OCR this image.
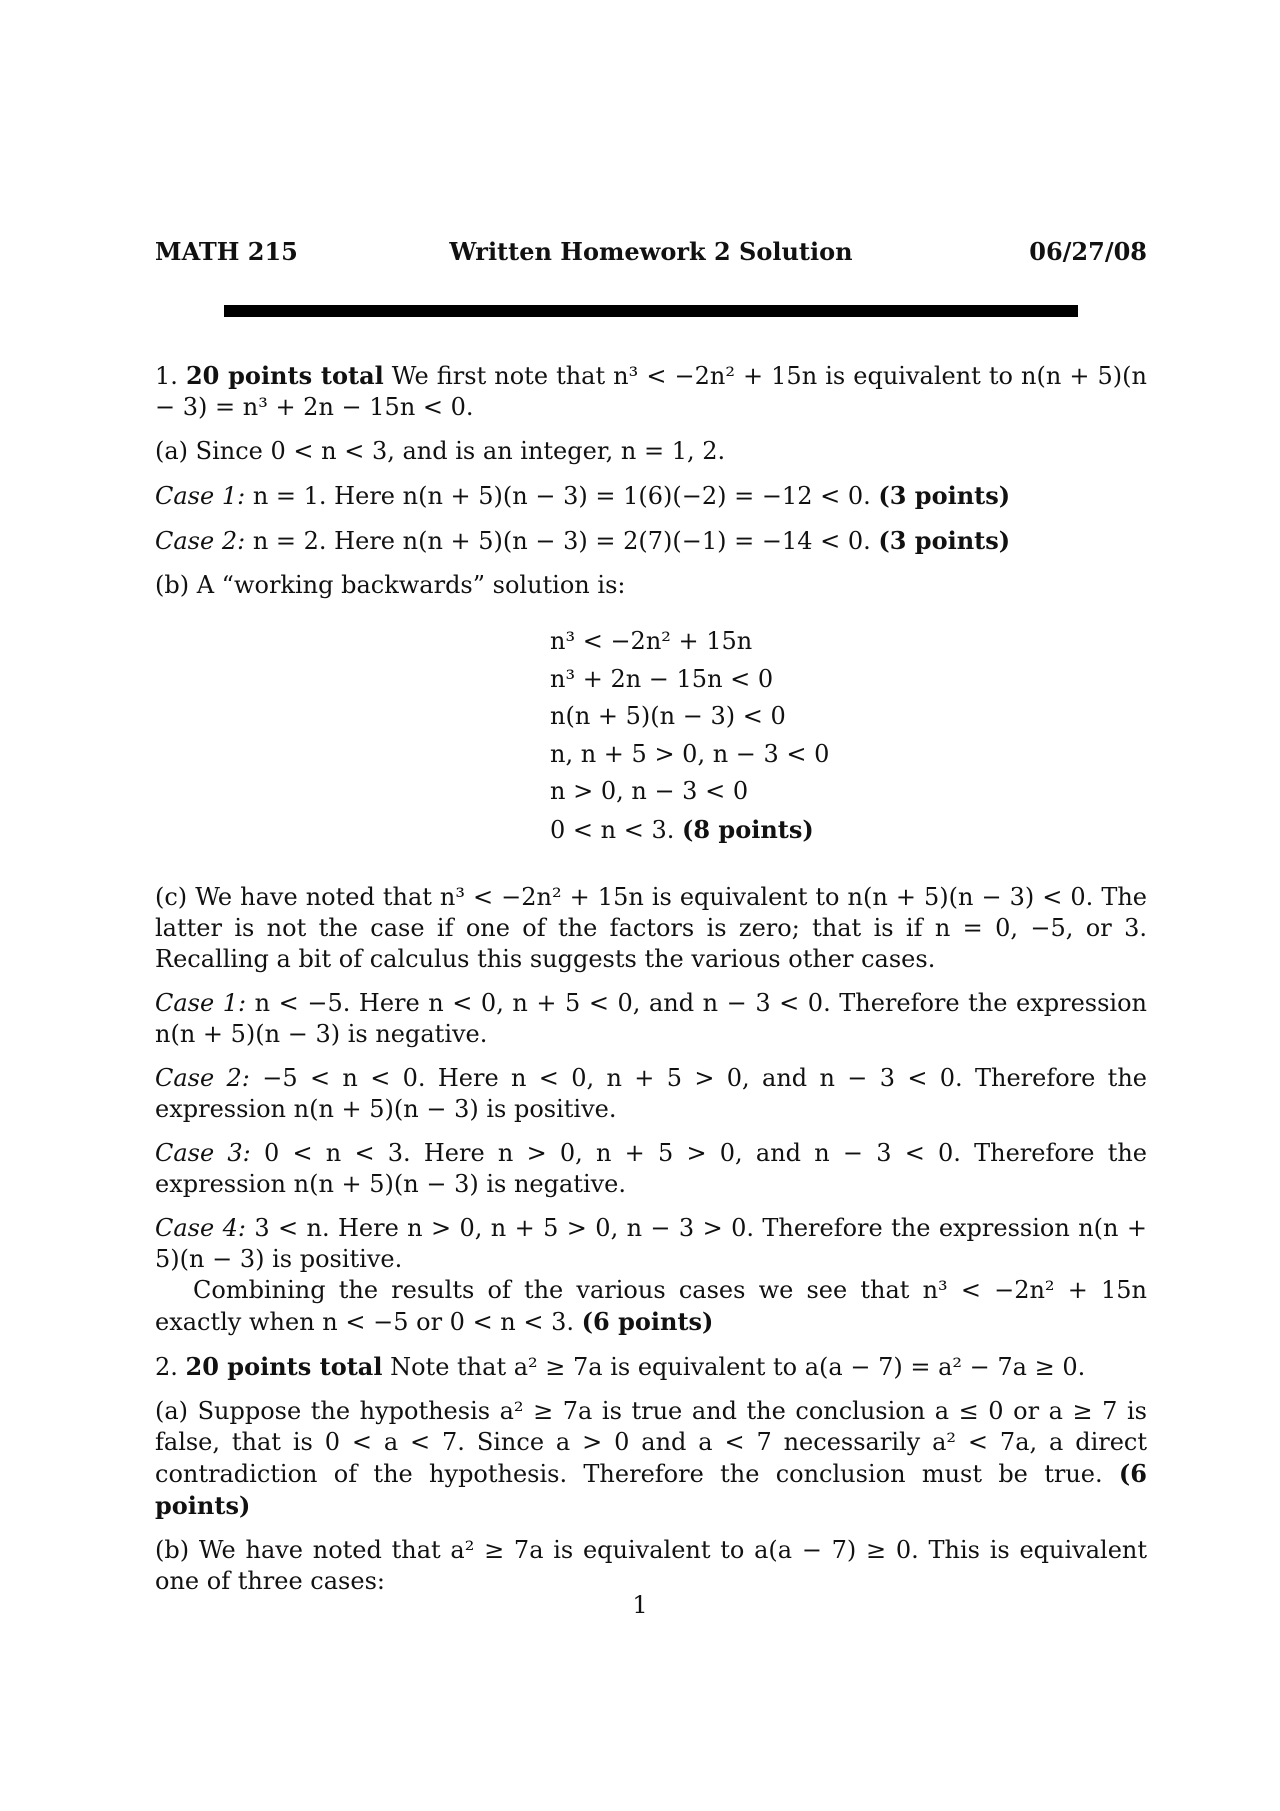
MATH 215	Written Homework 2 Solution	06/27/08

1. 20 points total We first note that n³ < −2n² + 15n is equivalent to n(n + 5)(n − 3) = n³ + 2n − 15n < 0.

(a) Since 0 < n < 3, and is an integer, n = 1, 2.

Case 1: n = 1. Here n(n + 5)(n − 3) = 1(6)(−2) = −12 < 0. (3 points)

Case 2: n = 2. Here n(n + 5)(n − 3) = 2(7)(−1) = −14 < 0. (3 points)

(b) A “working backwards” solution is:

n³ < −2n² + 15n
n³ + 2n − 15n < 0
n(n + 5)(n − 3) < 0
n, n + 5 > 0, n − 3 < 0
n > 0, n − 3 < 0
0 < n < 3. (8 points)

(c) We have noted that n³ < −2n² + 15n is equivalent to n(n + 5)(n − 3) < 0. The latter is not the case if one of the factors is zero; that is if n = 0, −5, or 3. Recalling a bit of calculus this suggests the various other cases.

Case 1: n < −5. Here n < 0, n + 5 < 0, and n − 3 < 0. Therefore the expression n(n + 5)(n − 3) is negative.

Case 2: −5 < n < 0. Here n < 0, n + 5 > 0, and n − 3 < 0. Therefore the expression n(n + 5)(n − 3) is positive.

Case 3: 0 < n < 3. Here n > 0, n + 5 > 0, and n − 3 < 0. Therefore the expression n(n + 5)(n − 3) is negative.

Case 4: 3 < n. Here n > 0, n + 5 > 0, n − 3 > 0. Therefore the expression n(n + 5)(n − 3) is positive.

Combining the results of the various cases we see that n³ < −2n² + 15n exactly when n < −5 or 0 < n < 3. (6 points)

2. 20 points total Note that a² ≥ 7a is equivalent to a(a − 7) = a² − 7a ≥ 0.

(a) Suppose the hypothesis a² ≥ 7a is true and the conclusion a ≤ 0 or a ≥ 7 is false, that is 0 < a < 7. Since a > 0 and a < 7 necessarily a² < 7a, a direct contradiction of the hypothesis. Therefore the conclusion must be true. (6 points)

(b) We have noted that a² ≥ 7a is equivalent to a(a − 7) ≥ 0. This is equivalent one of three cases:

1
